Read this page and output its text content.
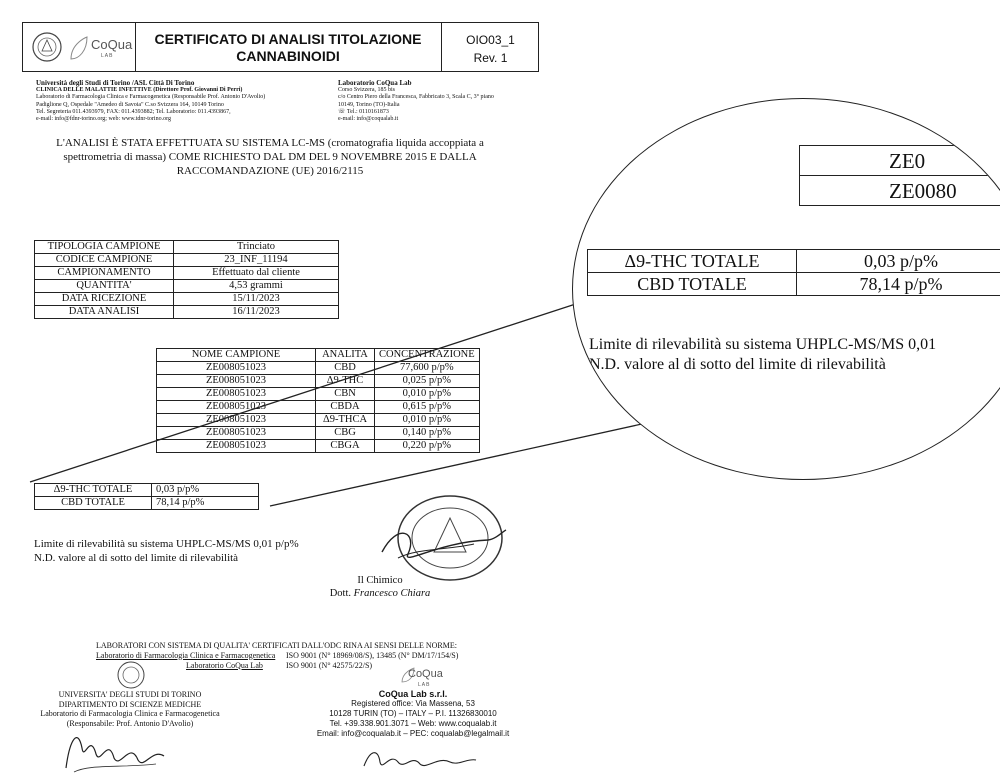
CoQua
LAB
CERTIFICATO DI ANALISI TITOLAZIONE
CANNABINOIDI
OIO03_1
Rev. 1
Università degli Studi di Torino /ASL Città Di Torino
CLINICA DELLE MALATTIE INFETTIVE (Direttore Prof. Giovanni Di Perri)
Laboratorio di Farmacologia Clinica e Farmacogenetica (Responsabile Prof. Antonio D'Avolio)
Padiglione Q, Ospedale "Amedeo di Savoia" C.so Svizzera 164, 10149 Torino
Tel. Segreteria 011.4393979, FAX: 011.4393882; Tel. Laboratorio: 011.4393867,
e-mail: info@fdnr-torino.org; web: www.tdnr-torino.org
Laboratorio CoQua Lab
Corso Svizzera, 185 bis
c/o Centro Piero della Francesca, Fabbricato 3, Scala C, 3° piano
10149, Torino (TO)-Italia
☏ Tel.: 0110161873
e-mail: info@coqualab.it
L'ANALISI È STATA EFFETTUATA SU SISTEMA LC-MS (cromatografia liquida accoppiata a
spettrometria di massa) COME RICHIESTO DAL DM DEL 9 NOVEMBRE 2015 E DALLA
RACCOMANDAZIONE (UE) 2016/2115
TIPOLOGIA CAMPIONE	Trinciato
CODICE CAMPIONE	23_INF_11194
CAMPIONAMENTO	Effettuato dal cliente
QUANTITA'	4,53 grammi
DATA RICEZIONE	15/11/2023
DATA ANALISI	16/11/2023
NOME CAMPIONE	ANALITA	CONCENTRAZIONE
ZE008051023	CBD	77,600 p/p%
ZE008051023	Δ9-THC	0,025 p/p%
ZE008051023	CBN	0,010 p/p%
ZE008051023	CBDA	0,615 p/p%
ZE008051023	Δ9-THCA	0,010 p/p%
ZE008051023	CBG	0,140 p/p%
ZE008051023	CBGA	0,220 p/p%
Δ9-THC TOTALE	0,03 p/p%
CBD TOTALE	78,14 p/p%
Limite di rilevabilità su sistema UHPLC-MS/MS 0,01 p/p%
N.D. valore al di sotto del limite di rilevabilità
ZE0
ZE0080
Δ9-THC TOTALE	0,03 p/p%
CBD TOTALE	78,14 p/p%
Limite di rilevabilità su sistema UHPLC-MS/MS 0,01
N.D. valore al di sotto del limite di rilevabilità
Il Chimico
Dott. Francesco Chiara
LABORATORI CON SISTEMA DI QUALITA' CERTIFICATI DALL'ODC RINA AI SENSI DELLE NORME:
Laboratorio di Farmacologia Clinica e Farmacogenetica ISO 9001 (N° 18969/08/S), 13485 (N° DM/17/154/S)
Laboratorio CoQua Lab	ISO 9001 (N° 42575/22/S)
UNIVERSITA' DEGLI STUDI DI TORINO
DIPARTIMENTO DI SCIENZE MEDICHE
Laboratorio di Farmacologia Clinica e Farmacogenetica
(Responsabile: Prof. Antonio D'Avolio)
CoQua
LAB
CoQua Lab s.r.l.
Registered office: Via Massena, 53
10128 TURIN (TO) – ITALY – P.I. 11326830010
Tel. +39.338.901.3071 – Web: www.coqualab.it
Email: info@coqualab.it – PEC: coqualab@legalmail.it
